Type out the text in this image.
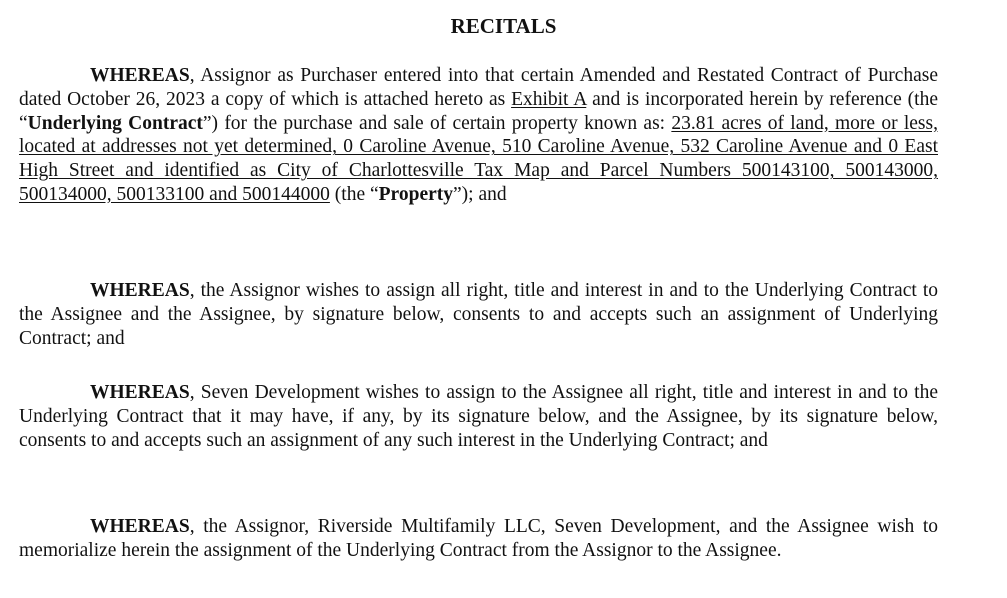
RECITALS

WHEREAS, Assignor as Purchaser entered into that certain Amended and Restated Contract of Purchase dated October 26, 2023 a copy of which is attached hereto as Exhibit A and is incorporated herein by reference (the “Underlying Contract”) for the purchase and sale of certain property known as: 23.81 acres of land, more or less, located at addresses not yet determined, 0 Caroline Avenue, 510 Caroline Avenue, 532 Caroline Avenue and 0 East High Street and identified as City of Charlottesville Tax Map and Parcel Numbers 500143100, 500143000, 500134000, 500133100 and 500144000 (the “Property”); and

WHEREAS, the Assignor wishes to assign all right, title and interest in and to the Underlying Contract to the Assignee and the Assignee, by signature below, consents to and accepts such an assignment of Underlying Contract; and

WHEREAS, Seven Development wishes to assign to the Assignee all right, title and interest in and to the Underlying Contract that it may have, if any, by its signature below, and the Assignee, by its signature below, consents to and accepts such an assignment of any such interest in the Underlying Contract; and

WHEREAS, the Assignor, Riverside Multifamily LLC, Seven Development, and the Assignee wish to memorialize herein the assignment of the Underlying Contract from the Assignor to the Assignee.
